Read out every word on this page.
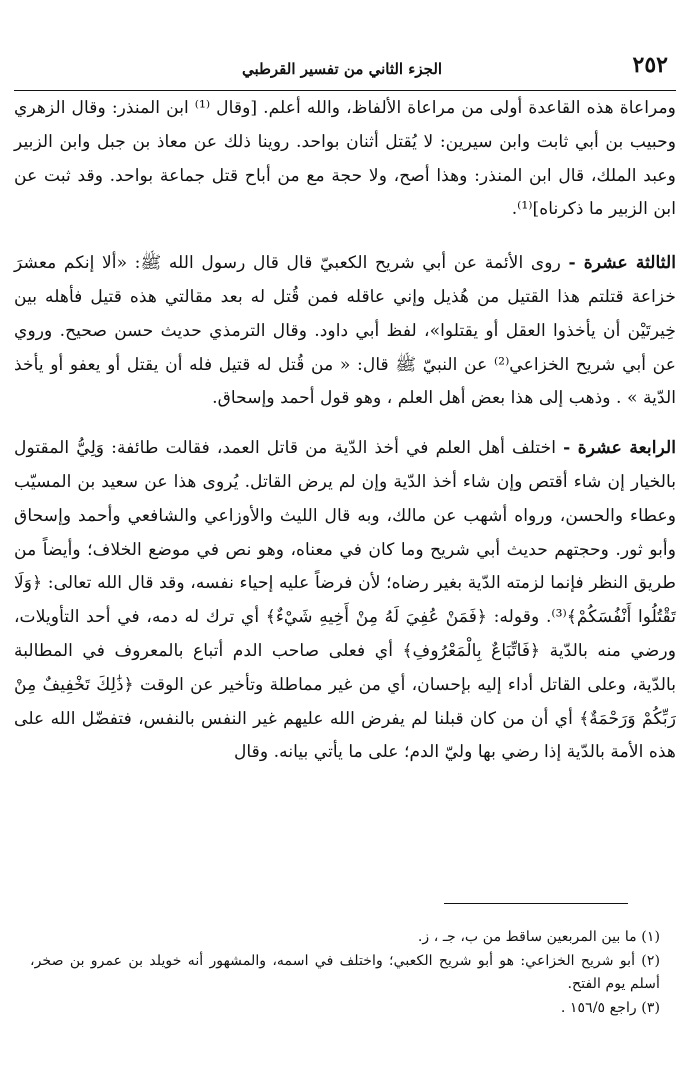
٢٥٢
الجزء الثاني من تفسير القرطبي

ومراعاة هذه القاعدة أولى من مراعاة الألفاظ، والله أعلم. [وقال ⁽¹⁾ ابن المنذر: وقال الزهري وحبيب بن أبي ثابت وابن سيرين: لا يُقتل أثنان بواحد. روينا ذلك عن معاذ بن جبل وابن الزبير وعبد الملك، قال ابن المنذر: وهذا أصح، ولا حجة مع من أباح قتل جماعة بواحد. وقد ثبت عن ابن الزبير ما ذكرناه]⁽¹⁾.

الثالثة عشرة - روى الأئمة عن أبي شريح الكعبيّ قال قال رسول الله ﷺ: «ألا إنكم معشرَ خزاعة قتلتم هذا القتيل من هُذيل وإني عاقله فمن قُتل له بعد مقالتي هذه قتيل فأهله بين خِيرتَيْن أن يأخذوا العقل أو يقتلوا»، لفظ أبي داود. وقال الترمذي حديث حسن صحيح. وروي عن أبي شريح الخزاعي⁽²⁾ عن النبيّ ﷺ قال: « من قُتل له قتيل فله أن يقتل أو يعفو أو يأخذ الدّية » . وذهب إلى هذا بعض أهل العلم ، وهو قول أحمد وإسحاق.

الرابعة عشرة - اختلف أهل العلم في أخذ الدّية من قاتل العمد، فقالت طائفة: وَلِيُّ المقتول بالخيار إن شاء أقتص وإن شاء أخذ الدّية وإن لم يرض القاتل. يُروى هذا عن سعيد بن المسيّب وعطاء والحسن، ورواه أشهب عن مالك، وبه قال الليث والأوزاعي والشافعي وأحمد وإسحاق وأبو ثور. وحجتهم حديث أبي شريح وما كان في معناه، وهو نص في موضع الخلاف؛ وأيضاً من طريق النظر فإنما لزمته الدّية بغير رضاه؛ لأن فرضاً عليه إحياء نفسه، وقد قال الله تعالى: ﴿وَلَا تَقْتُلُوا أَنْفُسَكُمْ﴾⁽³⁾. وقوله: ﴿فَمَنْ عُفِيَ لَهُ مِنْ أَخِيهِ شَيْءٌ﴾ أي ترك له دمه، في أحد التأويلات، ورضي منه بالدّية ﴿فَاتِّبَاعٌ بِالْمَعْرُوفِ﴾ أي فعلى صاحب الدم أتباع بالمعروف في المطالبة بالدّية، وعلى القاتل أداء إليه بإحسان، أي من غير مماطلة وتأخير عن الوقت ﴿ذَٰلِكَ تَخْفِيفٌ مِنْ رَبِّكُمْ وَرَحْمَةٌ﴾ أي أن من كان قبلنا لم يفرض الله عليهم غير النفس بالنفس، فتفضّل الله على هذه الأمة بالدّية إذا رضي بها وليّ الدم؛ على ما يأتي بيانه. وقال

(١) ما بين المربعين ساقط من ب، جـ ، ز.

(٢) أبو شريح الخزاعي: هو أبو شريح الكعبي؛ واختلف في اسمه، والمشهور أنه خويلد بن عمرو بن صخر، أسلم يوم الفتح.

(٣) راجع ١٥٦/٥ .
